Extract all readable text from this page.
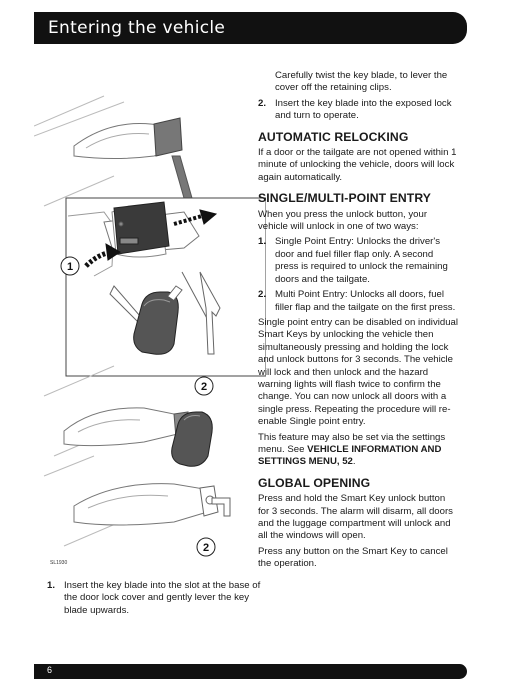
Entering the vehicle
1
2
2
SL1930
1. Insert the key blade into the slot at the base of the door lock cover and gently lever the key blade upwards.
Carefully twist the key blade, to lever the cover off the retaining clips.
2. Insert the key blade into the exposed lock and turn to operate.
AUTOMATIC RELOCKING
If a door or the tailgate are not opened within 1 minute of unlocking the vehicle, doors will lock again automatically.
SINGLE/MULTI-POINT ENTRY
When you press the unlock button, your vehicle will unlock in one of two ways:
1. Single Point Entry: Unlocks the driver's door and fuel filler flap only. A second press is required to unlock the remaining doors and the tailgate.
2. Multi Point Entry: Unlocks all doors, fuel filler flap and the tailgate on the first press.
Single point entry can be disabled on individual Smart Keys by unlocking the vehicle then simultaneously pressing and holding the lock and unlock buttons for 3 seconds. The vehicle will lock and then unlock and the hazard warning lights will flash twice to confirm the change. You can now unlock all doors with a single press. Repeating the procedure will re-enable Single point entry.
This feature may also be set via the settings menu. See VEHICLE INFORMATION AND SETTINGS MENU, 52.
GLOBAL OPENING
Press and hold the Smart Key unlock button for 3 seconds. The alarm will disarm, all doors and the luggage compartment will unlock and all the windows will open.
Press any button on the Smart Key to cancel the operation.
6
